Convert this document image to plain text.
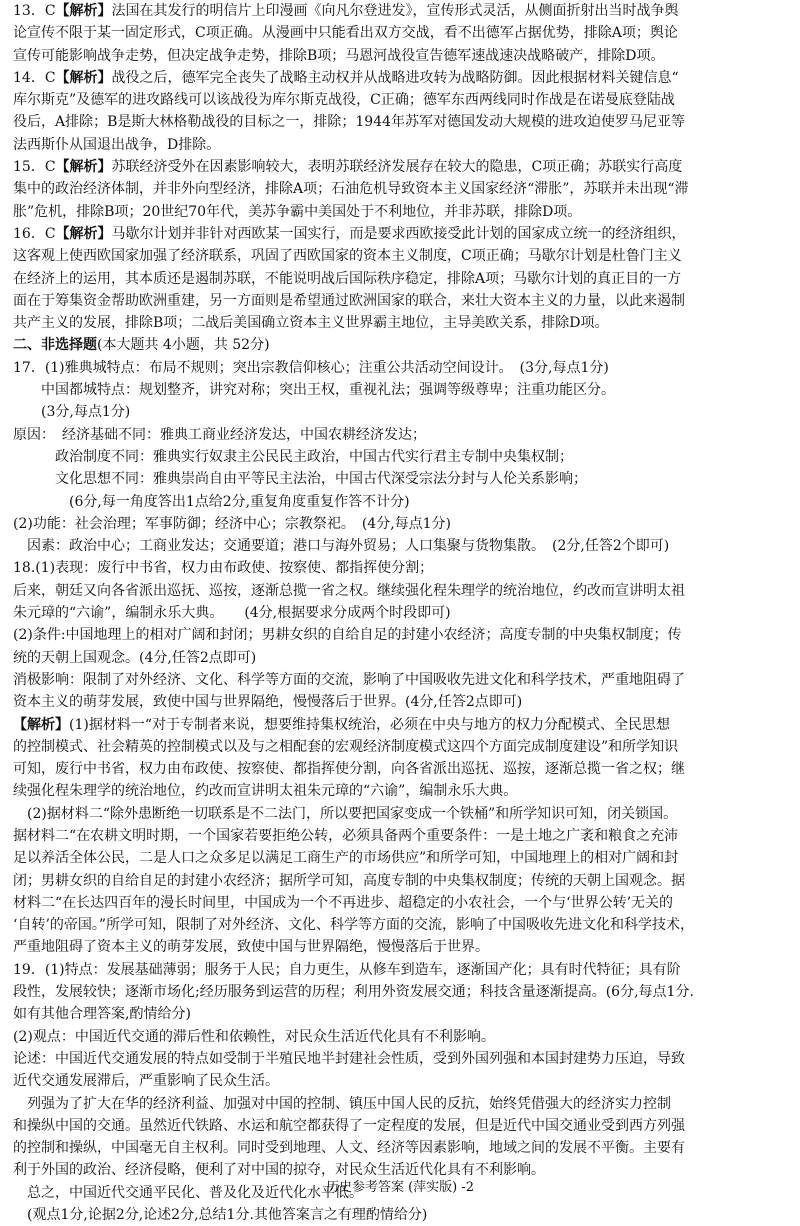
13．C【解析】法国在其发行的明信片上印漫画《向凡尔登进发》，宣传形式灵活，从侧面折射出当时战争舆
论宣传不限于某一固定形式，C项正确。从漫画中只能看出双方交战，看不出德军占据优势，排除A项；舆论
宣传可能影响战争走势，但决定战争走势，排除B项；马恩河战役宣告德军速战速决战略破产，排除D项。
14．C【解析】战役之后，德军完全丧失了战略主动权并从战略进攻转为战略防御。因此根据材料关键信息“
库尔斯克”及德军的进攻路线可以该战役为库尔斯克战役，C正确；德军东西两线同时作战是在诺曼底登陆战
役后，A排除；B是斯大林格勒战役的目标之一，排除；1944年苏军对德国发动大规模的进攻迫使罗马尼亚等
法西斯仆从国退出战争，D排除。
15．C【解析】苏联经济受外在因素影响较大，表明苏联经济发展存在较大的隐患，C项正确；苏联实行高度
集中的政治经济体制，并非外向型经济，排除A项；石油危机导致资本主义国家经济“滞胀”，苏联并未出现“滞
胀”危机，排除B项；20世纪70年代，美苏争霸中美国处于不利地位，并非苏联，排除D项。
16．C【解析】马歇尔计划并非针对西欧某一国实行，而是要求西欧接受此计划的国家成立统一的经济组织，
这客观上使西欧国家加强了经济联系，巩固了西欧国家的资本主义制度，C项正确；马歇尔计划是杜鲁门主义
在经济上的运用，其本质还是遏制苏联，不能说明战后国际秩序稳定，排除A项；马歇尔计划的真正目的一方
面在于筹集资金帮助欧洲重建，另一方面则是希望通过欧洲国家的联合，来壮大资本主义的力量，以此来遏制
共产主义的发展，排除B项；二战后美国确立资本主义世界霸主地位，主导美欧关系，排除D项。
二、非选择题(本大题共 4小题，共 52分)
17．(1)雅典城特点：布局不规则；突出宗教信仰核心；注重公共活动空间设计。　(3分,每点1分)
　　中国都城特点：规划整齐，讲究对称；突出王权，重视礼法；强调等级尊卑；注重功能区分。
　　(3分,每点1分)
原因：　经济基础不同：雅典工商业经济发达，中国农耕经济发达；
　　　政治制度不同：雅典实行奴隶主公民民主政治，中国古代实行君主专制中央集权制；
　　　文化思想不同：雅典崇尚自由平等民主法治，中国古代深受宗法分封与人伦关系影响；
　　　　(6分,每一角度答出1点给2分,重复角度重复作答不计分)
(2)功能：社会治理；军事防御；经济中心；宗教祭祀。　(4分,每点1分)
　因素：政治中心；工商业发达；交通要道；港口与海外贸易；人口集聚与货物集散。　(2分,任答2个即可)
18.(1)表现：废行中书省，权力由布政使、按察使、都指挥使分割；
后来，朝廷又向各省派出巡抚、巡按，逐渐总揽一省之权。继续强化程朱理学的统治地位，约改而宣讲明太祖
朱元璋的“六谕”，编制永乐大典。　　(4分,根据要求分成两个时段即可)
(2)条件:中国地理上的相对广阔和封闭；男耕女织的自给自足的封建小农经济；高度专制的中央集权制度；传
统的天朝上国观念。(4分,任答2点即可)
消极影响：限制了对外经济、文化、科学等方面的交流，影响了中国吸收先进文化和科学技术，严重地阻碍了
资本主义的萌芽发展，致使中国与世界隔绝，慢慢落后于世界。(4分,任答2点即可)
【解析】(1)据材料一“对于专制者来说，想要维持集权统治，必须在中央与地方的权力分配模式、全民思想
的控制模式、社会精英的控制模式以及与之相配套的宏观经济制度模式这四个方面完成制度建设”和所学知识
可知，废行中书省，权力由布政使、按察使、都指挥使分割，向各省派出巡抚、巡按，逐渐总揽一省之权；继
续强化程朱理学的统治地位，约改而宣讲明太祖朱元璋的“六谕”，编制永乐大典。
　(2)据材料二“除外患断绝一切联系是不二法门，所以要把国家变成一个铁桶”和所学知识可知，闭关锁国。
据材料二“在农耕文明时期，一个国家若要拒绝公转，必须具备两个重要条件：一是土地之广袤和粮食之充沛
足以养活全体公民，二是人口之众多足以满足工商生产的市场供应”和所学可知，中国地理上的相对广阔和封
闭；男耕女织的自给自足的封建小农经济；据所学可知，高度专制的中央集权制度；传统的天朝上国观念。据
材料二“在长达四百年的漫长时间里，中国成为一个不再进步、超稳定的小农社会，一个与‘世界公转’无关的
‘自转’的帝国。”所学可知，限制了对外经济、文化、科学等方面的交流，影响了中国吸收先进文化和科学技术，
严重地阻碍了资本主义的萌芽发展，致使中国与世界隔绝，慢慢落后于世界。
19．(1)特点：发展基础薄弱；服务于人民；自力更生，从修车到造车，逐渐国产化；具有时代特征；具有阶
段性，发展较快；逐渐市场化;经历服务到运营的历程；利用外资发展交通；科技含量逐渐提高。(6分,每点1分.
如有其他合理答案,酌情给分)
(2)观点：中国近代交通的滞后性和依赖性，对民众生活近代化具有不利影响。
论述：中国近代交通发展的特点如受制于半殖民地半封建社会性质，受到外国列强和本国封建势力压迫，导致
近代交通发展滞后，严重影响了民众生活。
　列强为了扩大在华的经济利益、加强对中国的控制、镇压中国人民的反抗，始终凭借强大的经济实力控制
和操纵中国的交通。虽然近代铁路、水运和航空都获得了一定程度的发展，但是近代中国交通业受到西方列强
的控制和操纵，中国毫无自主权利。同时受到地理、人文、经济等因素影响，地域之间的发展不平衡。主要有
利于外国的政治、经济侵略，便利了对中国的掠夺，对民众生活近代化具有不利影响。
　总之，中国近代交通平民化、普及化及近代化水平低。
　(观点1分,论据2分,论述2分,总结1分.其他答案言之有理酌情给分)
历史参考答案 (萍实版) -2
